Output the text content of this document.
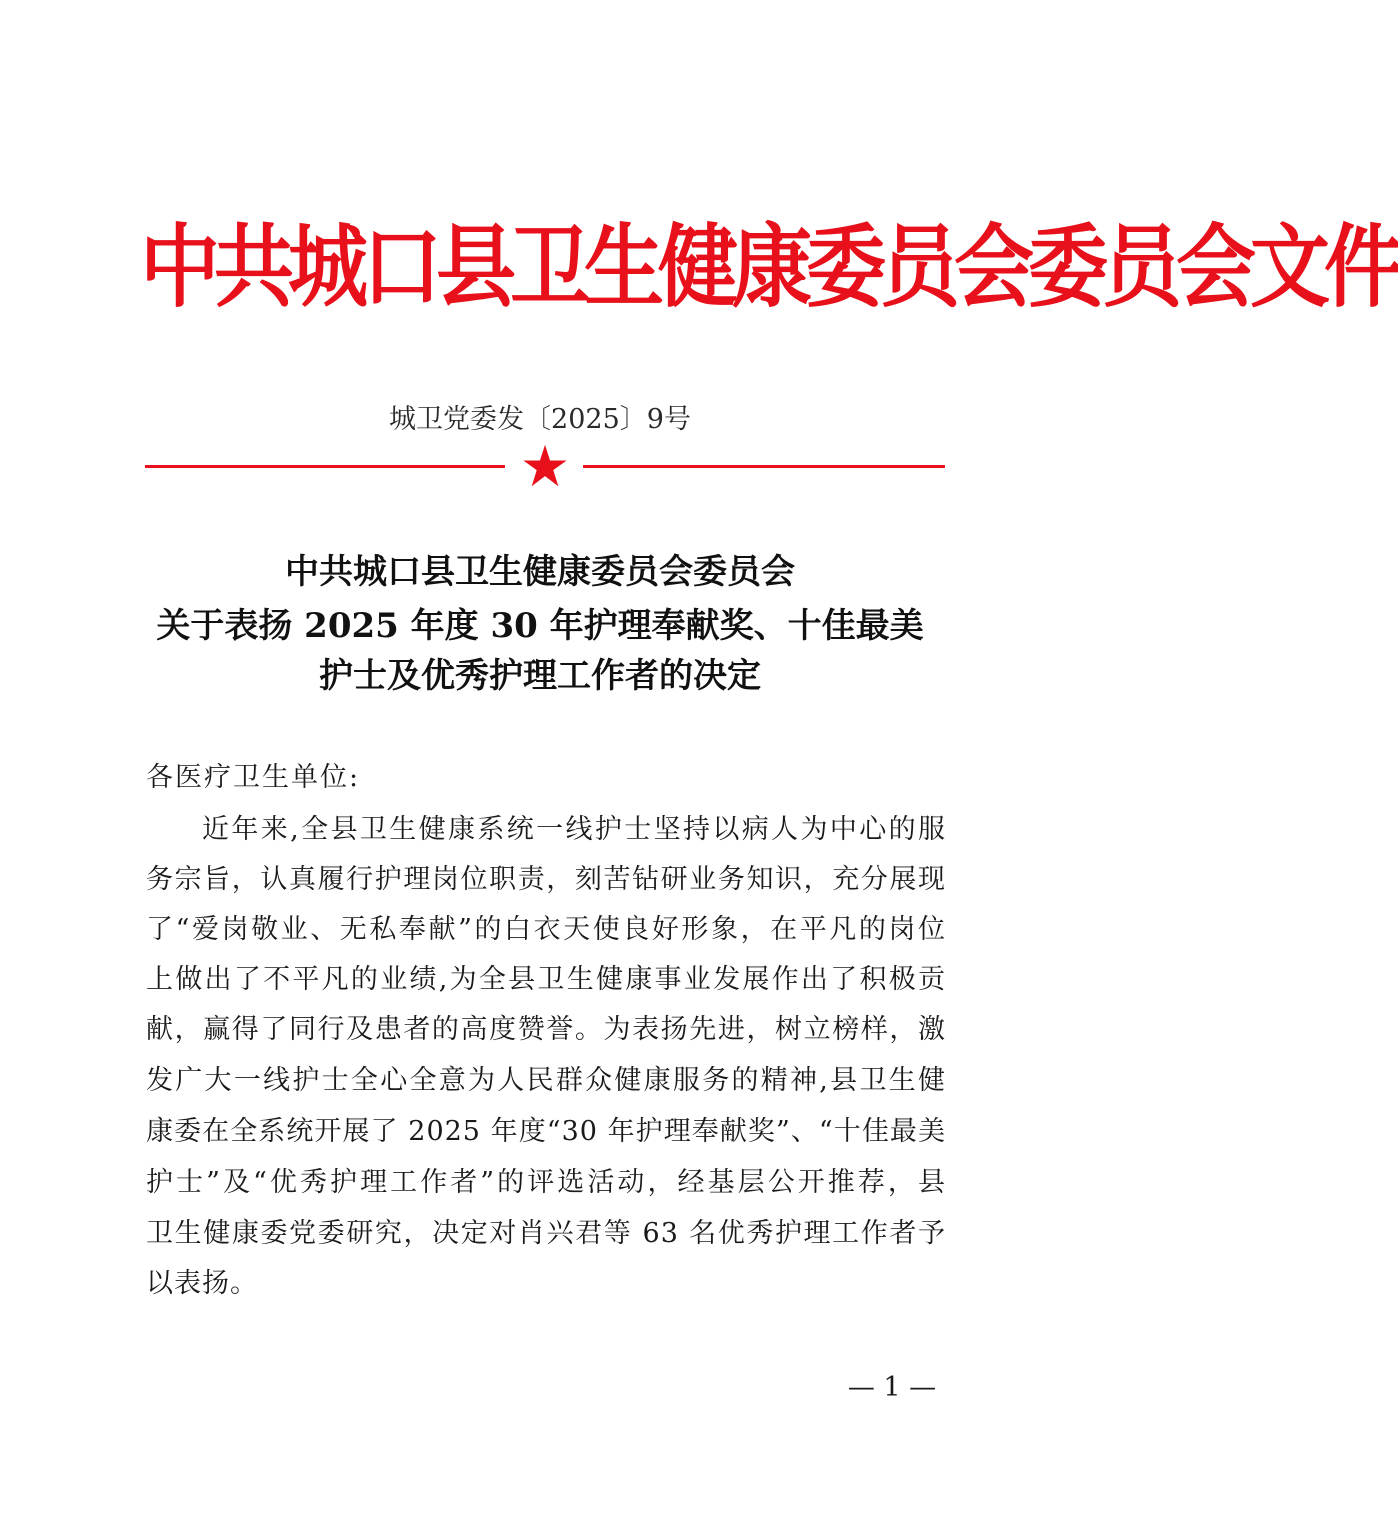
中共城口县卫生健康委员会委员会文件
城卫党委发〔2025〕9号
中共城口县卫生健康委员会委员会
关于表扬 2025 年度 30 年护理奉献奖、十佳最美
护士及优秀护理工作者的决定
各医疗卫生单位:
近年来,全县卫生健康系统一线护士坚持以病人为中心的服
务宗旨，认真履行护理岗位职责，刻苦钻研业务知识，充分展现
了“爱岗敬业、无私奉献”的白衣天使良好形象，在平凡的岗位
上做出了不平凡的业绩,为全县卫生健康事业发展作出了积极贡
献，赢得了同行及患者的高度赞誉。为表扬先进，树立榜样，激
发广大一线护士全心全意为人民群众健康服务的精神,县卫生健
康委在全系统开展了 2025 年度“30 年护理奉献奖”、“十佳最美
护士”及“优秀护理工作者”的评选活动，经基层公开推荐，县
卫生健康委党委研究，决定对肖兴君等 63 名优秀护理工作者予
以表扬。
— 1 —
